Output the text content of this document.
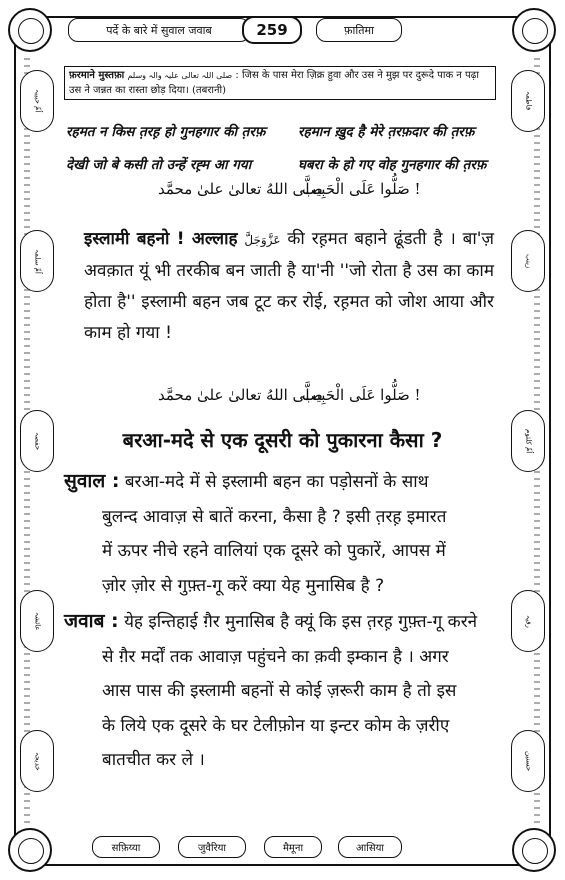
पर्दे के बारे में सुवाल जवाब	259	फ़ातिमा
اُمِّ حبیبہ
اُمِّ سلمہ
حفصہ
عائشہ
خدیجہ
فاطمہ
زینب
اُمِّ کلثوم
رقیہ
حسنین
फ़रमाने मुस्तफ़ा صلی اللہ تعالی علیہ والہ وسلم : जिस के पास मेरा ज़िक्र हुवा और उस ने मुझ पर दुरूदे पाक न पढ़ा उस ने जन्नत का रास्ता छोड़ दिया। (तबरानी)
रहमान ख़ुद है मेरे त़रफ़दार की त़रफ़
रहमत न किस त़रह़ हो गुनहगार की त़रफ़
घबरा के हो गए वोह गुनहगार की त़रफ़
देखी जो बे कसी तो उन्हें रह़्म आ गया
صَلُّوا عَلَی الْحَبِیب !
صلَّی اللهُ تعالیٰ علیٰ محمَّد
इस्लामी बहनो ! अल्लाह عَزَّوَجَلَّ की रह़मत बहाने ढूंडती है । बा'ज़ अवक़ात यूं भी तरकीब बन जाती है या'नी ''जो रोता है उस का काम होता है'' इस्लामी बहन जब टूट कर रोई, रह़मत को जोश आया और काम हो गया !
صَلُّوا عَلَی الْحَبِیب !
صلَّی اللهُ تعالیٰ علیٰ محمَّد
बरआ-मदे से एक दूसरी को पुकारना कैसा ?
सुवाल : बरआ-मदे में से इस्लामी बहन का पड़ोसनों के साथ
बुलन्द आवाज़ से बातें करना, कैसा है ? इसी त़रह़ इमारत
में ऊपर नीचे रहने वालियां एक दूसरे को पुकारें, आपस में
ज़ोर ज़ोर से गुफ़्त-गू करें क्या येह मुनासिब है ?
जवाब : येह इन्तिहाई ग़ैर मुनासिब है क्यूं कि इस त़रह़ गुफ़्त-गू करने
से ग़ैर मर्दों तक आवाज़ पहुंचने का क़वी इम्कान है । अगर
आस पास की इस्लामी बहनों से कोई ज़रूरी काम है तो इस
के लिये एक दूसरे के घर टेलीफ़ोन या इन्टर कोम के ज़रीए
बातचीत कर ले ।
सफ़िय्या	जुवैरिया	मैमूना	आसिया
